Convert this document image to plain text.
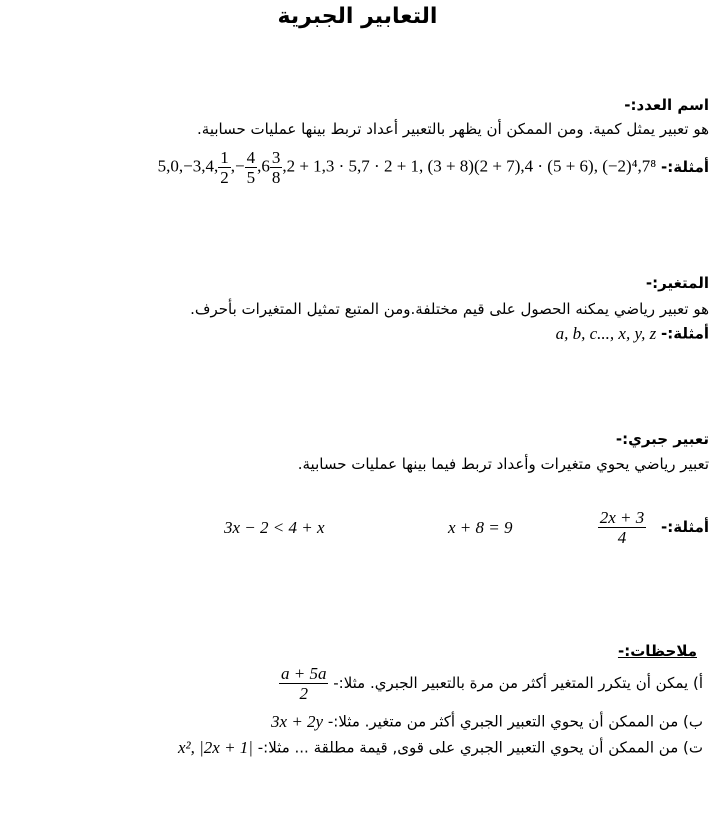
التعابير الجبرية
اسم العدد:-
هو تعبير يمثل كمية. ومن الممكن أن يظهر بالتعبير أعداد تربط بينها عمليات حسابية.
أمثلة:- 5,0,−3,4, $\frac{1}{2}$ ,− $\frac{4}{5} ,6 \frac{3}{8} ,2 + 1,3 \cdot 5,7 \cdot 2 + 1$, (3 + 8)(2 + 7),4 · (5 + 6), (−2)⁴,7⁸
المتغير:-
هو تعبير رياضي يمكنه الحصول على قيم مختلفة.ومن المتبع تمثيل المتغيرات بأحرف.
أمثلة:- a, b, c..., x, y, z
تعبير جبري:-
تعبير رياضي يحوي متغيرات وأعداد تربط فيما بينها عمليات حسابية.
أمثلة:-
$\frac{2x + 3}{4}$
x + 8 = 9
3x − 2 < 4 + x
ملاحظات:-
أ) يمكن أن يتكرر المتغير أكثر من مرة بالتعبير الجبري. مثلا:-
$\frac{a + 5a}{2}$
ب) من الممكن أن يحوي التعبير الجبري أكثر من متغير. مثلا:- 3x + 2y
ت) من الممكن أن يحوي التعبير الجبري على قوى, قيمة مطلقة ... مثلا:- x², |2x + 1|
